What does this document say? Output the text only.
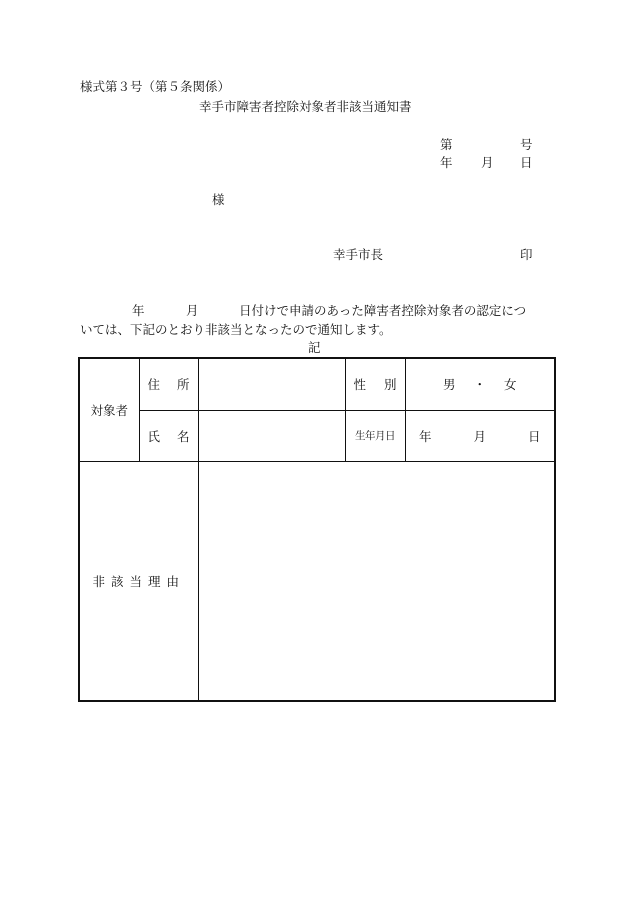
様式第３号（第５条関係）
幸手市障害者控除対象者非該当通知書
第	号
年 月 日
様
幸手市長	印
年	月	日付けで申請のあった障害者控除対象者の認定につ
いては、下記のとおり非該当となったので通知します。
記
対象者	住所		性別	男 ・ 女
	氏名		生年月日	年 月 日
非該当理由				
